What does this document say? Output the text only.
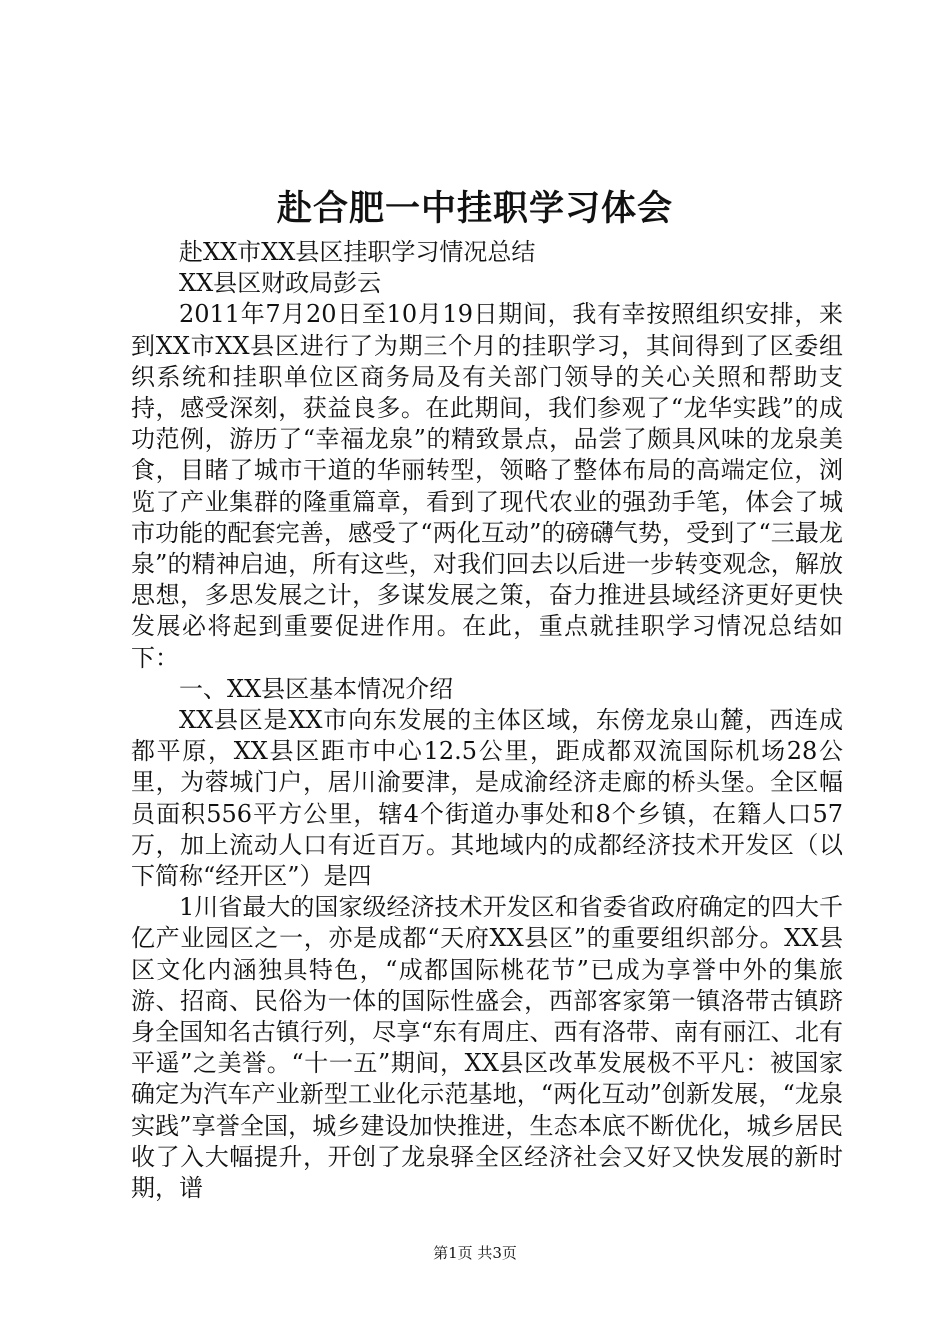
赴合肥一中挂职学习体会

赴XX市XX县区挂职学习情况总结

XX县区财政局彭云

2011年7月20日至10月19日期间，我有幸按照组织安排，来到XX市XX县区进行了为期三个月的挂职学习，其间得到了区委组织系统和挂职单位区商务局及有关部门领导的关心关照和帮助支持，感受深刻，获益良多。在此期间，我们参观了“龙华实践”的成功范例，游历了“幸福龙泉”的精致景点，品尝了颇具风味的龙泉美食，目睹了城市干道的华丽转型，领略了整体布局的高端定位，浏览了产业集群的隆重篇章，看到了现代农业的强劲手笔，体会了城市功能的配套完善，感受了“两化互动”的磅礴气势，受到了“三最龙泉”的精神启迪，所有这些，对我们回去以后进一步转变观念，解放思想，多思发展之计，多谋发展之策，奋力推进县域经济更好更快发展必将起到重要促进作用。在此，重点就挂职学习情况总结如下：

一、XX县区基本情况介绍

XX县区是XX市向东发展的主体区域，东傍龙泉山麓，西连成都平原，XX县区距市中心12.5公里，距成都双流国际机场28公里，为蓉城门户，居川渝要津，是成渝经济走廊的桥头堡。全区幅员面积556平方公里，辖4个街道办事处和8个乡镇，在籍人口57万，加上流动人口有近百万。其地域内的成都经济技术开发区（以下简称“经开区”）是四

1川省最大的国家级经济技术开发区和省委省政府确定的四大千亿产业园区之一，亦是成都“天府XX县区”的重要组织部分。XX县区文化内涵独具特色，“成都国际桃花节”已成为享誉中外的集旅游、招商、民俗为一体的国际性盛会，西部客家第一镇洛带古镇跻身全国知名古镇行列，尽享“东有周庄、西有洛带、南有丽江、北有平遥”之美誉。“十一五”期间，XX县区改革发展极不平凡：被国家确定为汽车产业新型工业化示范基地，“两化互动”创新发展，“龙泉实践”享誉全国，城乡建设加快推进，生态本底不断优化，城乡居民收了入大幅提升，开创了龙泉驿全区经济社会又好又快发展的新时期，谱

第1页 共3页
